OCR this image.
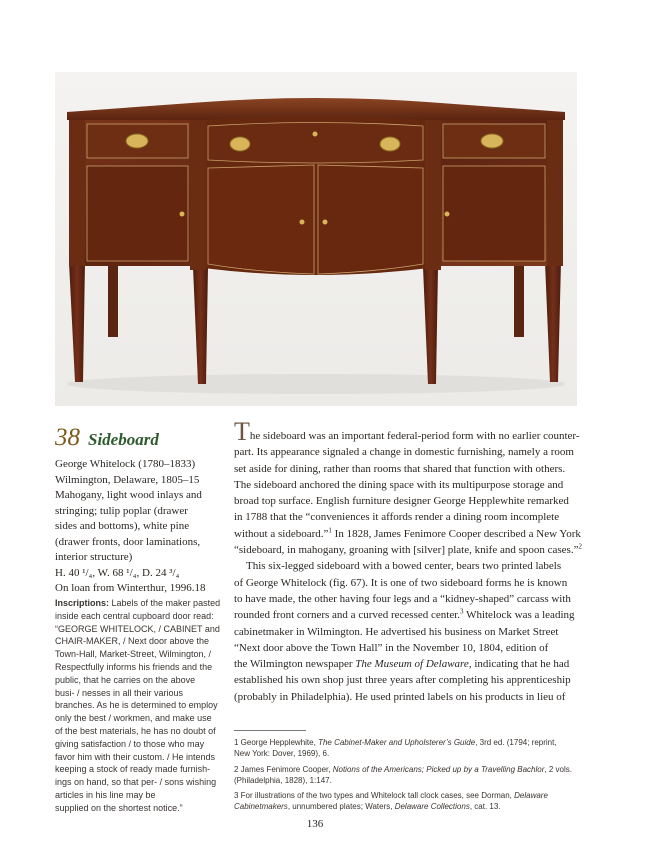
38 Sideboard
George Whitelock (1780–1833)
Wilmington, Delaware, 1805–15
Mahogany, light wood inlays and
stringing; tulip poplar (drawer
sides and bottoms), white pine
(drawer fronts, door laminations,
interior structure)
H. 40 ¹/₄, W. 68 ¹/₄, D. 24 ³/₄
On loan from Winterthur, 1996.18
Inscriptions: Labels of the maker pasted
inside each central cupboard door read:
“GEORGE WHITELOCK, / CABINET and
CHAIR-MAKER, / Next door above the
Town-Hall, Market-Street, Wilmington, /
Respectfully informs his friends and the
public, that he carries on the above
busi- / nesses in all their various
branches. As he is determined to employ
only the best / workmen, and make use
of the best materials, he has no doubt of
giving satisfaction / to those who may
favor him with their custom. / He intends
keeping a stock of ready made furnish-
ings on hand, so that per- / sons wishing
articles in his line may be
supplied on the shortest notice.”
The sideboard was an important federal-period form with no earlier counter-
part. Its appearance signaled a change in domestic furnishing, namely a room
set aside for dining, rather than rooms that shared that function with others.
The sideboard anchored the dining space with its multipurpose storage and
broad top surface. English furniture designer George Hepplewhite remarked
in 1788 that the “conveniences it affords render a dining room incomplete
without a sideboard.”$^1$ In 1828, James Fenimore Cooper described a New York
“sideboard, in mahogany, groaning with [silver] plate, knife and spoon cases.”$^2$
This six-legged sideboard with a bowed center, bears two printed labels
of George Whitelock (fig. 67). It is one of two sideboard forms he is known
to have made, the other having four legs and a “kidney-shaped” carcass with
rounded front corners and a curved recessed center.$^3$ Whitelock was a leading
cabinetmaker in Wilmington. He advertised his business on Market Street
“Next door above the Town Hall” in the November 10, 1804, edition of
the Wilmington newspaper The Museum of Delaware, indicating that he had
established his own shop just three years after completing his apprenticeship
(probably in Philadelphia). He used printed labels on his products in lieu of
1 George Hepplewhite, The Cabinet-Maker and Upholsterer’s Guide, 3rd ed. (1794; reprint,
New York: Dover, 1969), 6.
2 James Fenimore Cooper, Notions of the Americans; Picked up by a Travelling Bachlor, 2 vols.
(Philadelphia, 1828), 1:147.
3 For illustrations of the two types and Whitelock tall clock cases, see Dorman, Delaware
Cabinetmakers, unnumbered plates; Waters, Delaware Collections, cat. 13.
136
